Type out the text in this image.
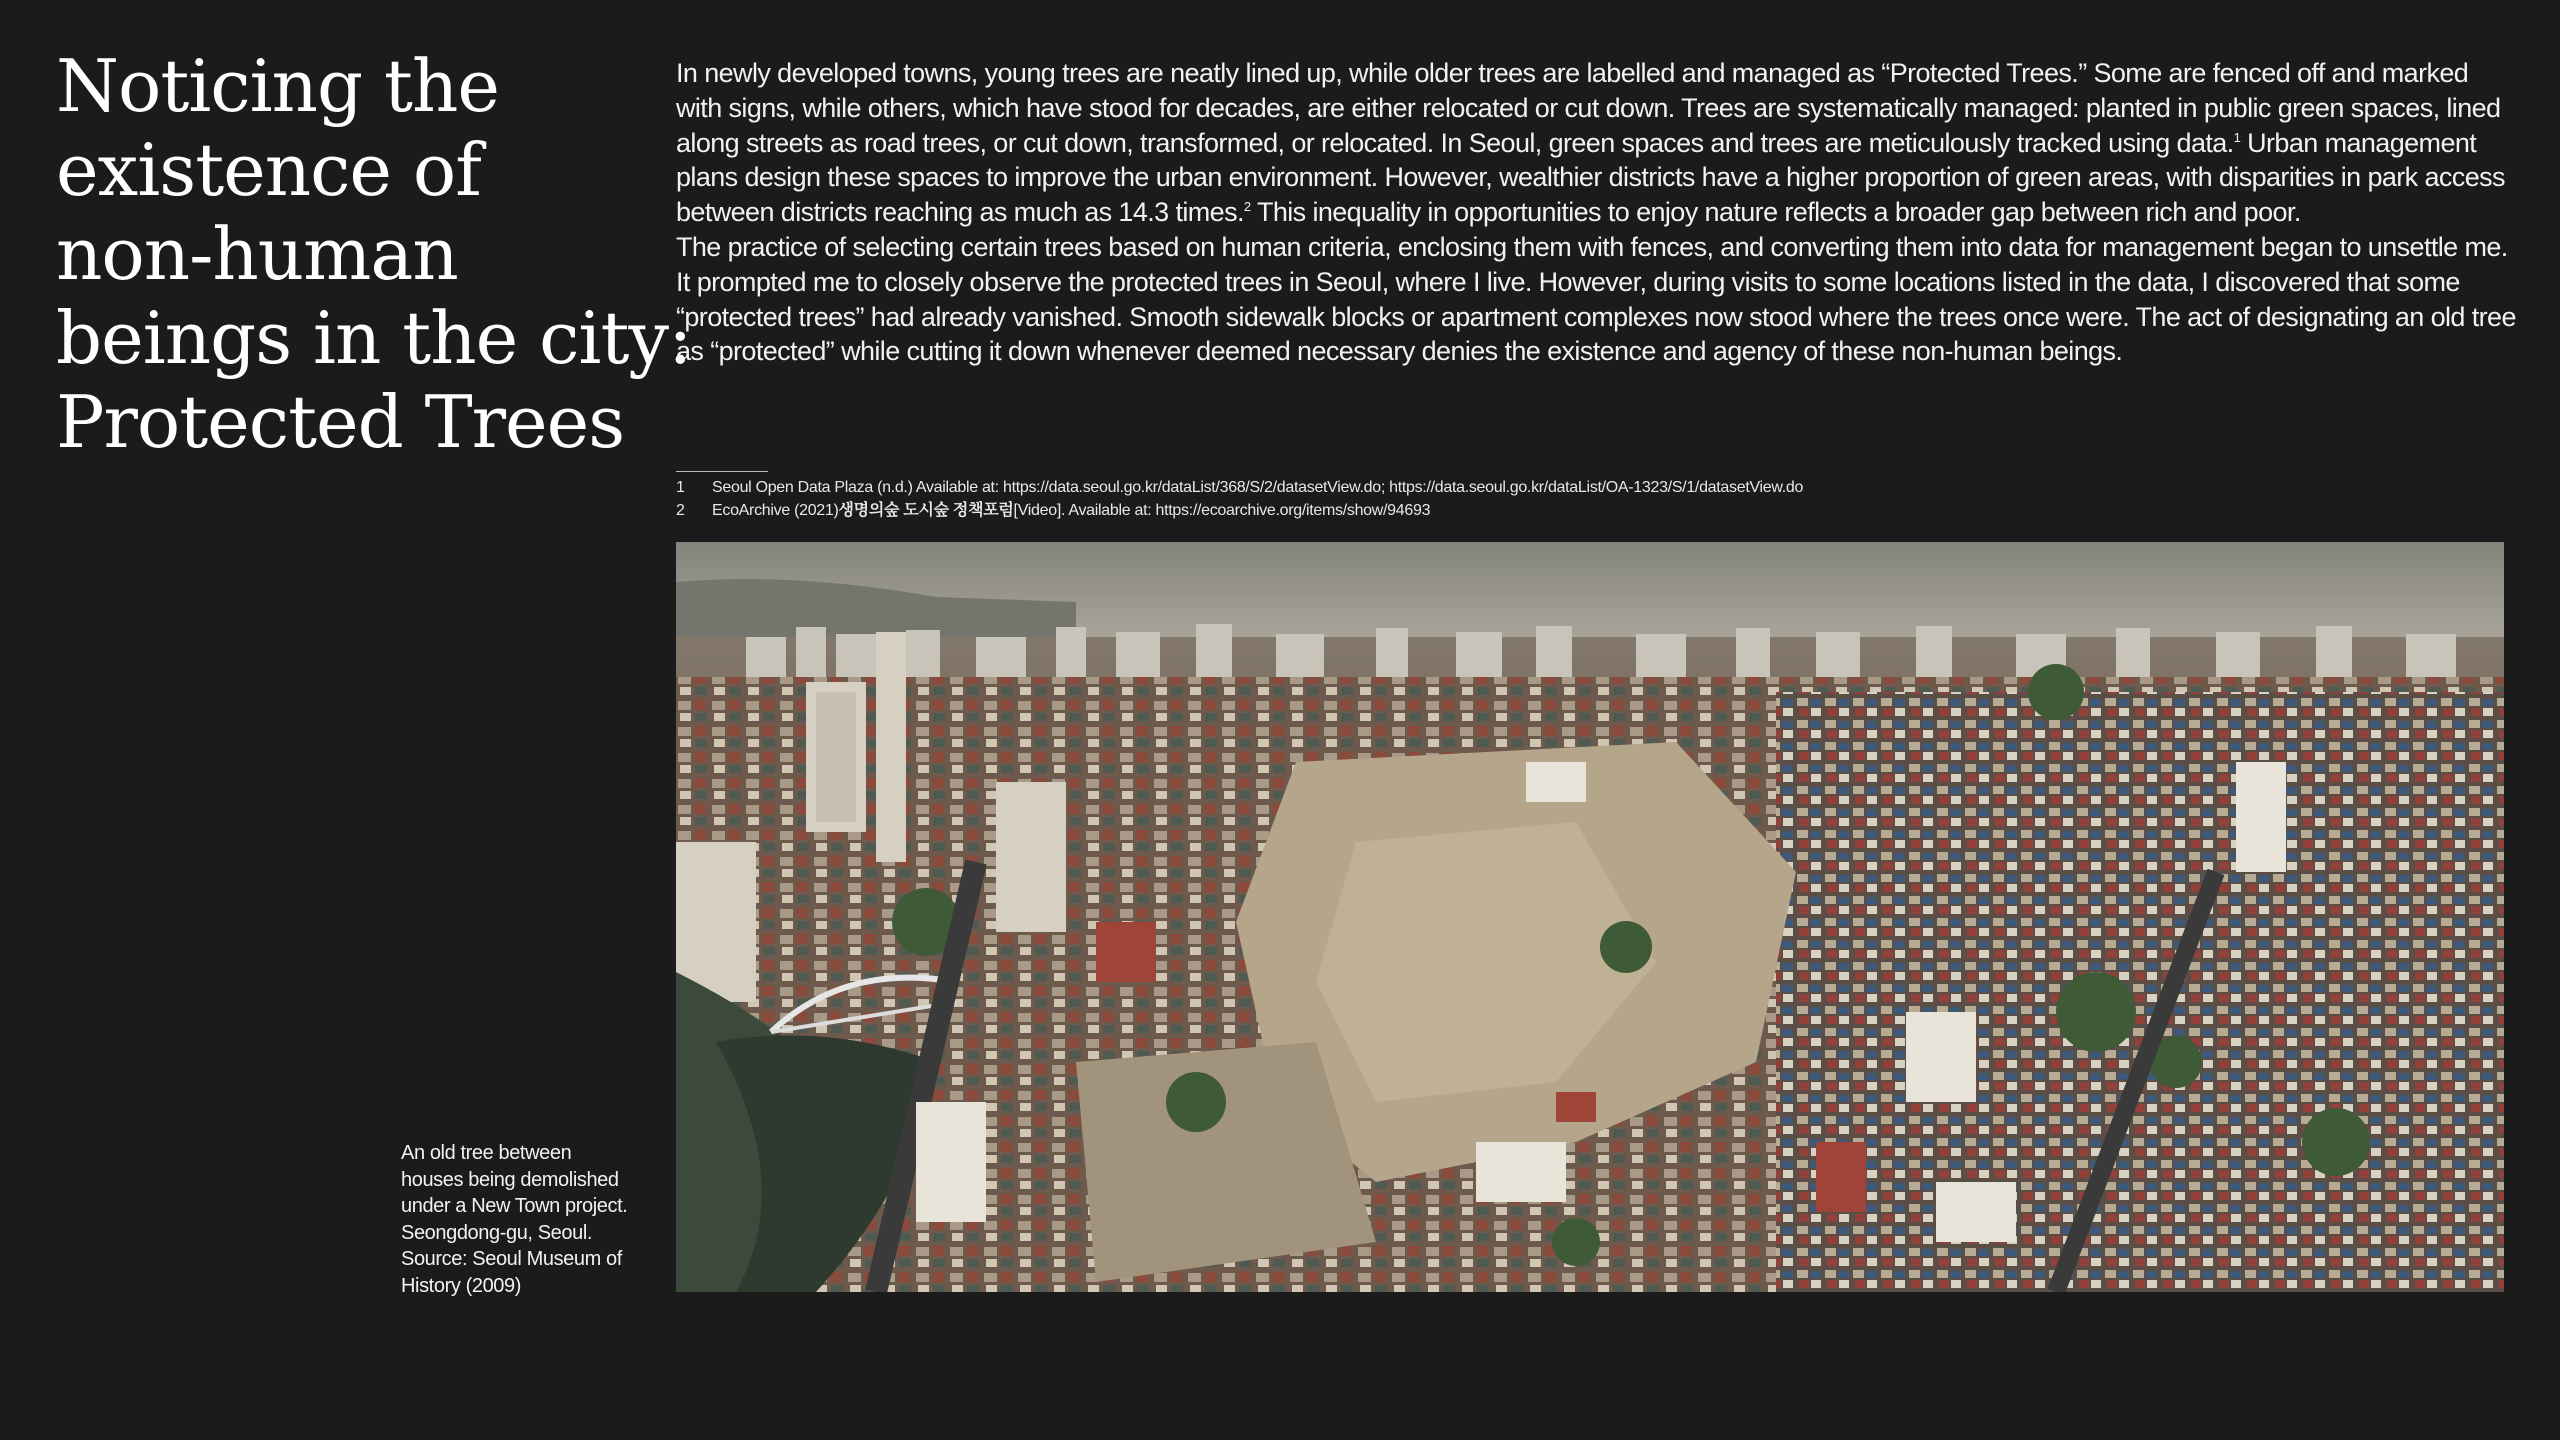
Noticing the
existence of
non-human
beings in the city:
Protected Trees

In newly developed towns, young trees are neatly lined up, while older trees are labelled and managed as “Protected Trees.” Some are fenced off and marked with signs, while others, which have stood for decades, are either relocated or cut down. Trees are systematically managed: planted in public green spaces, lined along streets as road trees, or cut down, transformed, or relocated. In Seoul, green spaces and trees are meticulously tracked using data.$^1$ Urban management plans design these spaces to improve the urban environment. However, wealthier districts have a higher proportion of green areas, with disparities in park access between districts reaching as much as 14.3 times.$^2$ This inequality in opportunities to enjoy nature reflects a broader gap between rich and poor.

The practice of selecting certain trees based on human criteria, enclosing them with fences, and converting them into data for management began to unsettle me. It prompted me to closely observe the protected trees in Seoul, where I live. However, during visits to some locations listed in the data, I discovered that some “protected trees” had already vanished. Smooth sidewalk blocks or apartment complexes now stood where the trees once were. The act of designating an old tree as “protected” while cutting it down whenever deemed necessary denies the existence and agency of these non-human beings.

1	Seoul Open Data Plaza (n.d.) Available at: https://data.seoul.go.kr/dataList/368/S/2/datasetView.do; https://data.seoul.go.kr/dataList/OA-1323/S/1/datasetView.do
2	EcoArchive (2021) 생명의숲 도시숲 정책포럼 [Video]. Available at: https://ecoarchive.org/items/show/94693
An old tree between
houses being demolished
under a New Town project.
Seongdong-gu, Seoul.
Source: Seoul Museum of
History (2009)
